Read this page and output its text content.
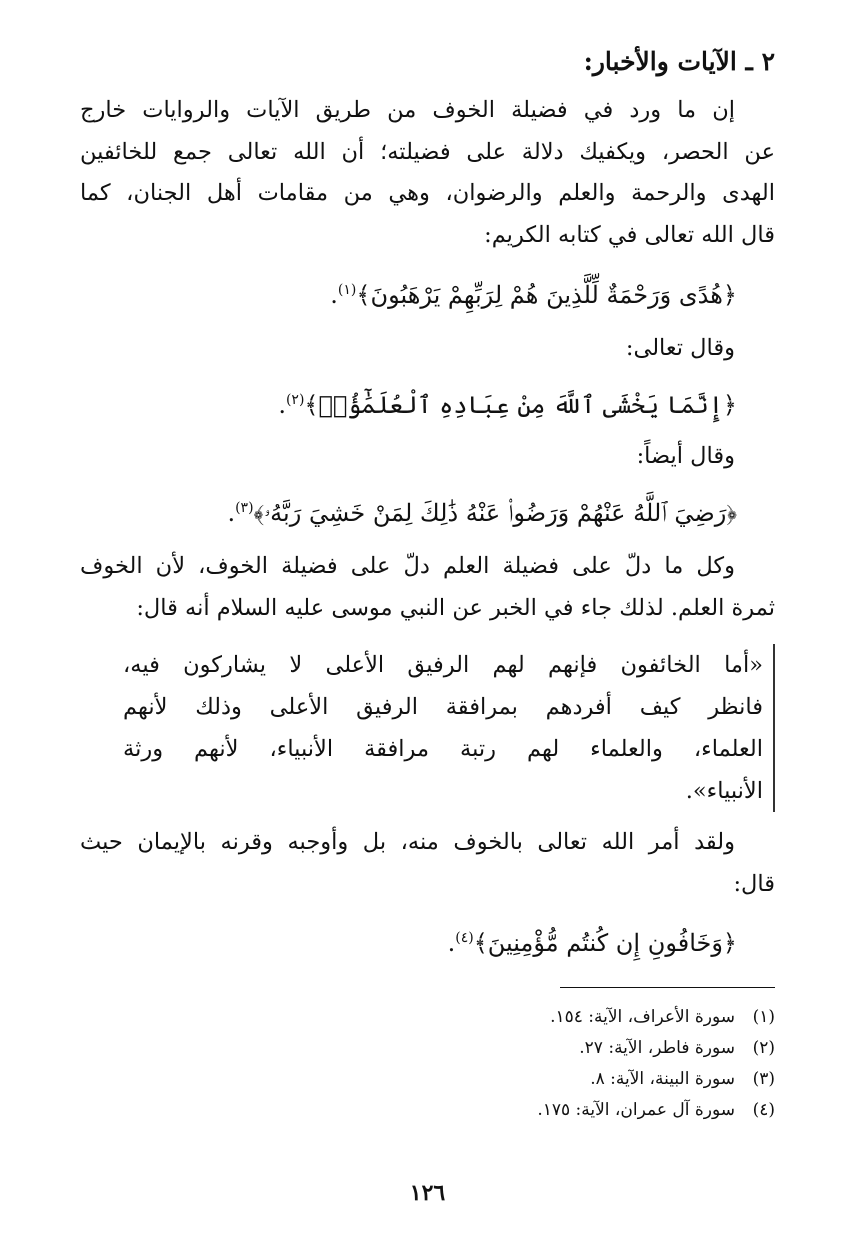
٢ ـ الآيات والأخبار:
إن ما ورد في فضيلة الخوف من طريق الآيات والروايات خارج
عن الحصر، ويكفيك دلالة على فضيلته؛ أن الله تعالى جمع للخائفين
الهدى والرحمة والعلم والرضوان، وهي من مقامات أهل الجنان، كما
قال الله تعالى في كتابه الكريم:
﴿هُدًى وَرَحْمَةٌ لِّلَّذِينَ هُمْ لِرَبِّهِمْ يَرْهَبُونَ﴾$^{(١)}$.
وقال تعالى:
﴿إِنَّمَا يَخْشَى ٱللَّهَ مِنْ عِبَادِهِ ٱلْعُلَمَٰٓؤُا۟﴾$^{(٢)}$.
وقال أيضاً:
﴿رَضِيَ ٱللَّهُ عَنْهُمْ وَرَضُوا۟ عَنْهُ ذَٰلِكَ لِمَنْ خَشِيَ رَبَّهُۥ﴾$^{(٣)}$.
وكل ما دلّ على فضيلة العلم دلّ على فضيلة الخوف، لأن الخوف
ثمرة العلم. لذلك جاء في الخبر عن النبي موسى عليه السلام أنه قال:
«أما الخائفون فإنهم لهم الرفيق الأعلى لا يشاركون فيه،
فانظر كيف أفردهم بمرافقة الرفيق الأعلى وذلك لأنهم
العلماء، والعلماء لهم رتبة مرافقة الأنبياء، لأنهم ورثة
الأنبياء».
ولقد أمر الله تعالى بالخوف منه، بل وأوجبه وقرنه بالإيمان حيث
قال:
﴿وَخَافُونِ إِن كُنتُم مُّؤْمِنِينَ﴾$^{(٤)}$.
(١)سورة الأعراف، الآية: ١٥٤.
(٢)سورة فاطر، الآية: ٢٧.
(٣)سورة البينة، الآية: ٨.
(٤)سورة آل عمران، الآية: ١٧٥.
١٢٦
